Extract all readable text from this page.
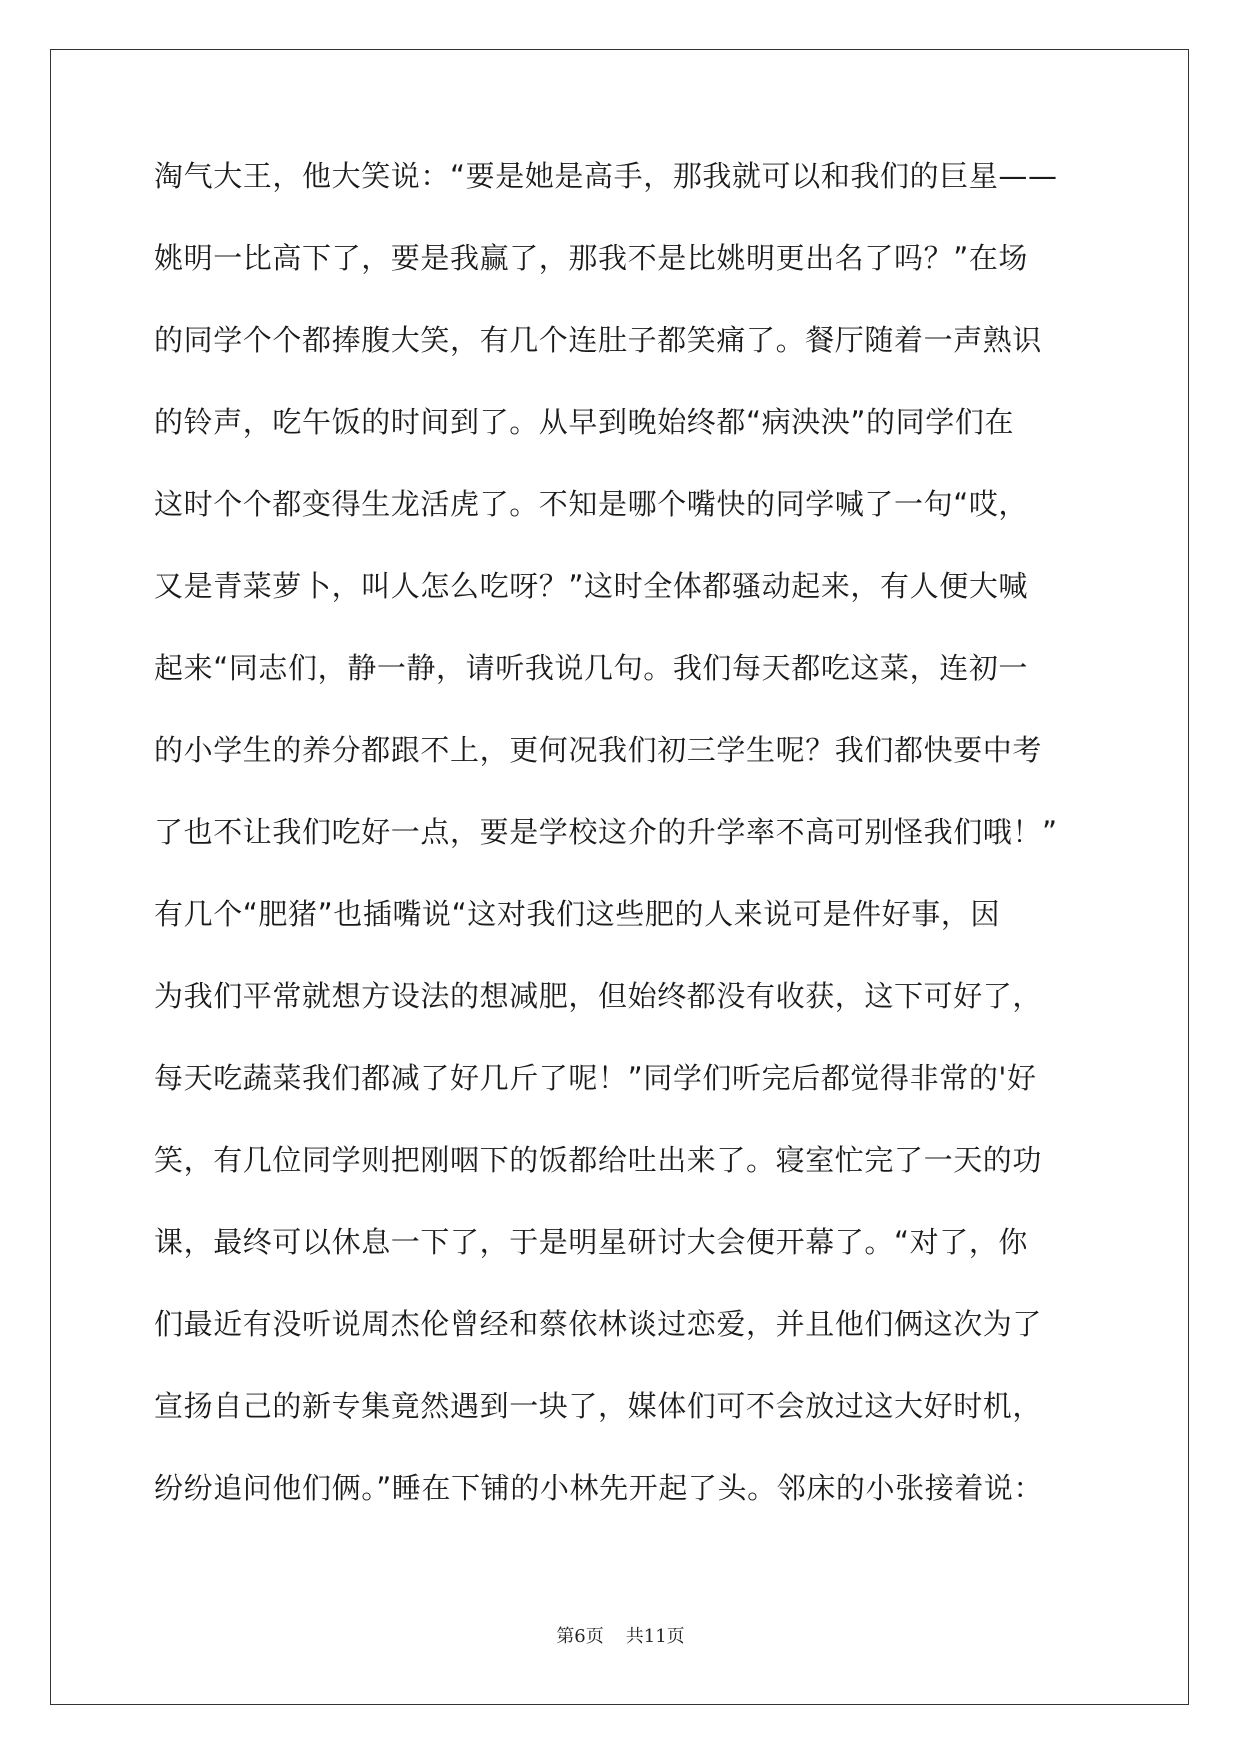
淘气大王，他大笑说：“要是她是高手，那我就可以和我们的巨星——

姚明一比高下了，要是我赢了，那我不是比姚明更出名了吗？”在场

的同学个个都捧腹大笑，有几个连肚子都笑痛了。餐厅随着一声熟识

的铃声，吃午饭的时间到了。从早到晚始终都“病泱泱”的同学们在

这时个个都变得生龙活虎了。不知是哪个嘴快的同学喊了一句“哎，

又是青菜萝卜，叫人怎么吃呀？”这时全体都骚动起来，有人便大喊

起来“同志们，静一静，请听我说几句。我们每天都吃这菜，连初一

的小学生的养分都跟不上，更何况我们初三学生呢？我们都快要中考

了也不让我们吃好一点，要是学校这介的升学率不高可别怪我们哦！”

有几个“肥猪”也插嘴说“这对我们这些肥的人来说可是件好事，因

为我们平常就想方设法的想减肥，但始终都没有收获，这下可好了，

每天吃蔬菜我们都减了好几斤了呢！”同学们听完后都觉得非常的'好

笑，有几位同学则把刚咽下的饭都给吐出来了。寝室忙完了一天的功

课，最终可以休息一下了，于是明星研讨大会便开幕了。“对了，你

们最近有没听说周杰伦曾经和蔡依林谈过恋爱，并且他们俩这次为了

宣扬自己的新专集竟然遇到一块了，媒体们可不会放过这大好时机，

纷纷追问他们俩。”睡在下铺的小林先开起了头。邻床的小张接着说：

第6页 共11页
